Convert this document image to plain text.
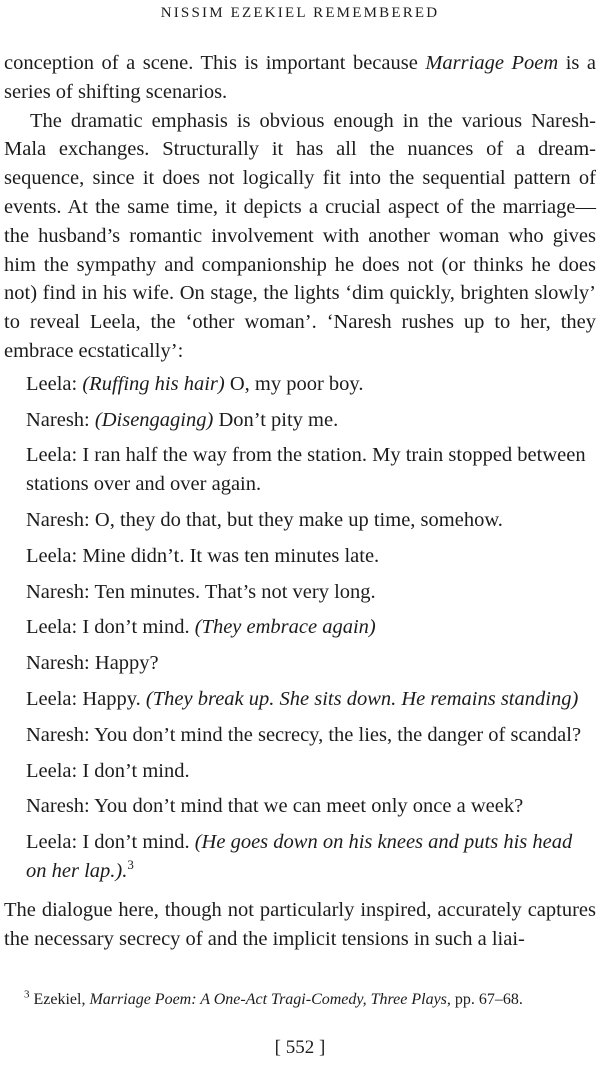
NISSIM EZEKIEL REMEMBERED

conception of a scene. This is important because Marriage Poem is a series of shifting scenarios.

The dramatic emphasis is obvious enough in the various Naresh-Mala exchanges. Structurally it has all the nuances of a dream-sequence, since it does not logically fit into the sequential pattern of events. At the same time, it depicts a crucial aspect of the marriage—the husband’s romantic involvement with another woman who gives him the sympathy and companionship he does not (or thinks he does not) find in his wife. On stage, the lights ‘dim quickly, brighten slowly’ to reveal Leela, the ‘other woman’. ‘Naresh rushes up to her, they embrace ecstatically’:

Leela: (Ruffing his hair) O, my poor boy.

Naresh: (Disengaging) Don’t pity me.

Leela: I ran half the way from the station. My train stopped between stations over and over again.

Naresh: O, they do that, but they make up time, somehow.

Leela: Mine didn’t. It was ten minutes late.

Naresh: Ten minutes. That’s not very long.

Leela: I don’t mind. (They embrace again)

Naresh: Happy?

Leela: Happy. (They break up. She sits down. He remains standing)

Naresh: You don’t mind the secrecy, the lies, the danger of scandal?

Leela: I don’t mind.

Naresh: You don’t mind that we can meet only once a week?

Leela: I don’t mind. (He goes down on his knees and puts his head on her lap.).$^3$

The dialogue here, though not particularly inspired, accurately captures the necessary secrecy of and the implicit tensions in such a liai-

$^3$ Ezekiel, Marriage Poem: A One-Act Tragi-Comedy, Three Plays, pp. 67–68.
[ 552 ]
